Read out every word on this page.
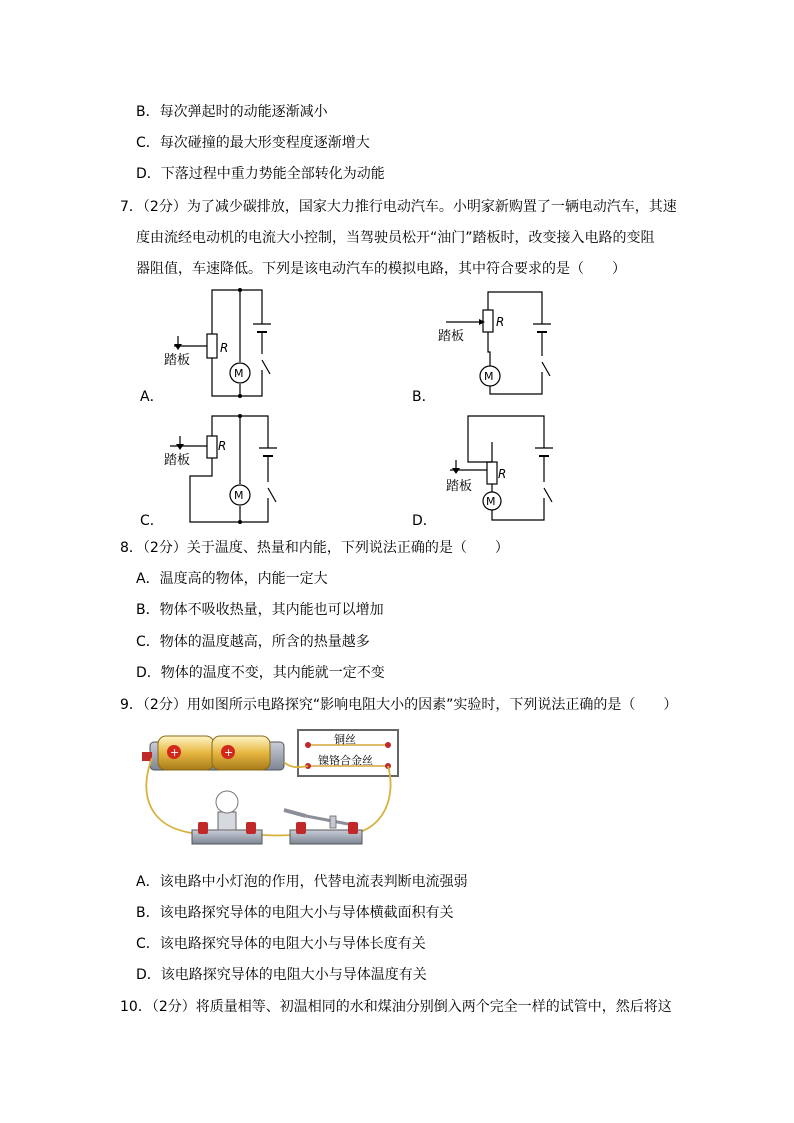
B．每次弹起时的动能逐渐减小
C．每次碰撞的最大形变程度逐渐增大
D．下落过程中重力势能全部转化为动能
7．（2分）为了减少碳排放，国家大力推行电动汽车。小明家新购置了一辆电动汽车，其速
度由流经电动机的电流大小控制，当驾驶员松开“油门”踏板时，改变接入电路的变阻
器阻值，车速降低。下列是该电动汽车的模拟电路，其中符合要求的是（　　）
M
R
踏板
A．
M
R
踏板
B．
M
R
踏板
C．
M
R
踏板
D．
8．（2分）关于温度、热量和内能，下列说法正确的是（　　）
A．温度高的物体，内能一定大
B．物体不吸收热量，其内能也可以增加
C．物体的温度越高，所含的热量越多
D．物体的温度不变，其内能就一定不变
9．（2分）用如图所示电路探究“影响电阻大小的因素”实验时，下列说法正确的是（　　）
+	+
铜丝
镍铬合金丝
A．该电路中小灯泡的作用，代替电流表判断电流强弱
B．该电路探究导体的电阻大小与导体横截面积有关
C．该电路探究导体的电阻大小与导体长度有关
D．该电路探究导体的电阻大小与导体温度有关
10．（2分）将质量相等、初温相同的水和煤油分别倒入两个完全一样的试管中，然后将这
